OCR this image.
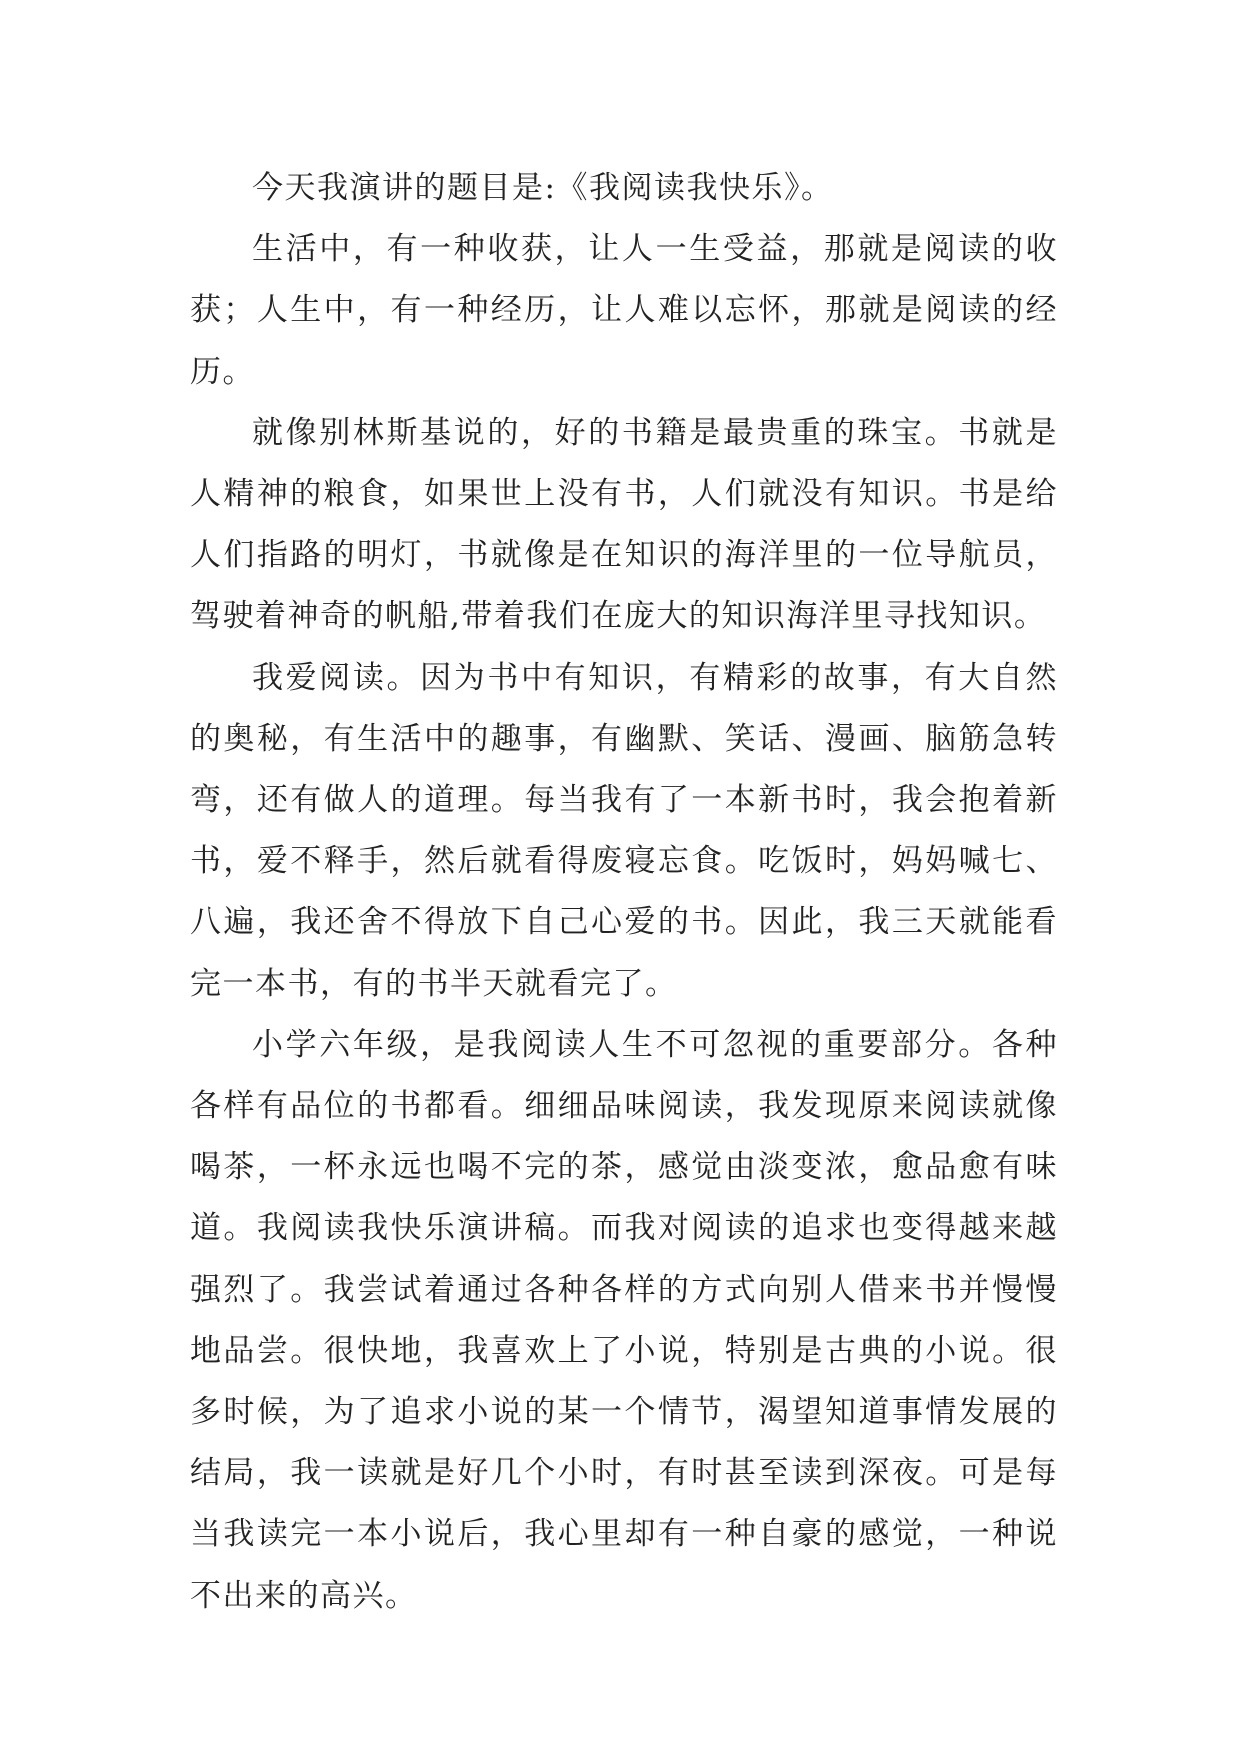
今天我演讲的题目是:《我阅读我快乐》。

生活中，有一种收获，让人一生受益，那就是阅读的收获；人生中，有一种经历，让人难以忘怀，那就是阅读的经历。

就像别林斯基说的，好的书籍是最贵重的珠宝。书就是人精神的粮食，如果世上没有书，人们就没有知识。书是给人们指路的明灯，书就像是在知识的海洋里的一位导航员，驾驶着神奇的帆船,带着我们在庞大的知识海洋里寻找知识。

我爱阅读。因为书中有知识，有精彩的故事，有大自然的奥秘，有生活中的趣事，有幽默、笑话、漫画、脑筋急转弯，还有做人的道理。每当我有了一本新书时，我会抱着新书，爱不释手，然后就看得废寝忘食。吃饭时，妈妈喊七、八遍，我还舍不得放下自己心爱的书。因此，我三天就能看完一本书，有的书半天就看完了。

小学六年级，是我阅读人生不可忽视的重要部分。各种各样有品位的书都看。细细品味阅读，我发现原来阅读就像喝茶，一杯永远也喝不完的茶，感觉由淡变浓，愈品愈有味道。我阅读我快乐演讲稿。而我对阅读的追求也变得越来越强烈了。我尝试着通过各种各样的方式向别人借来书并慢慢地品尝。很快地，我喜欢上了小说，特别是古典的小说。很多时候，为了追求小说的某一个情节，渴望知道事情发展的结局，我一读就是好几个小时，有时甚至读到深夜。可是每当我读完一本小说后，我心里却有一种自豪的感觉，一种说不出来的高兴。
